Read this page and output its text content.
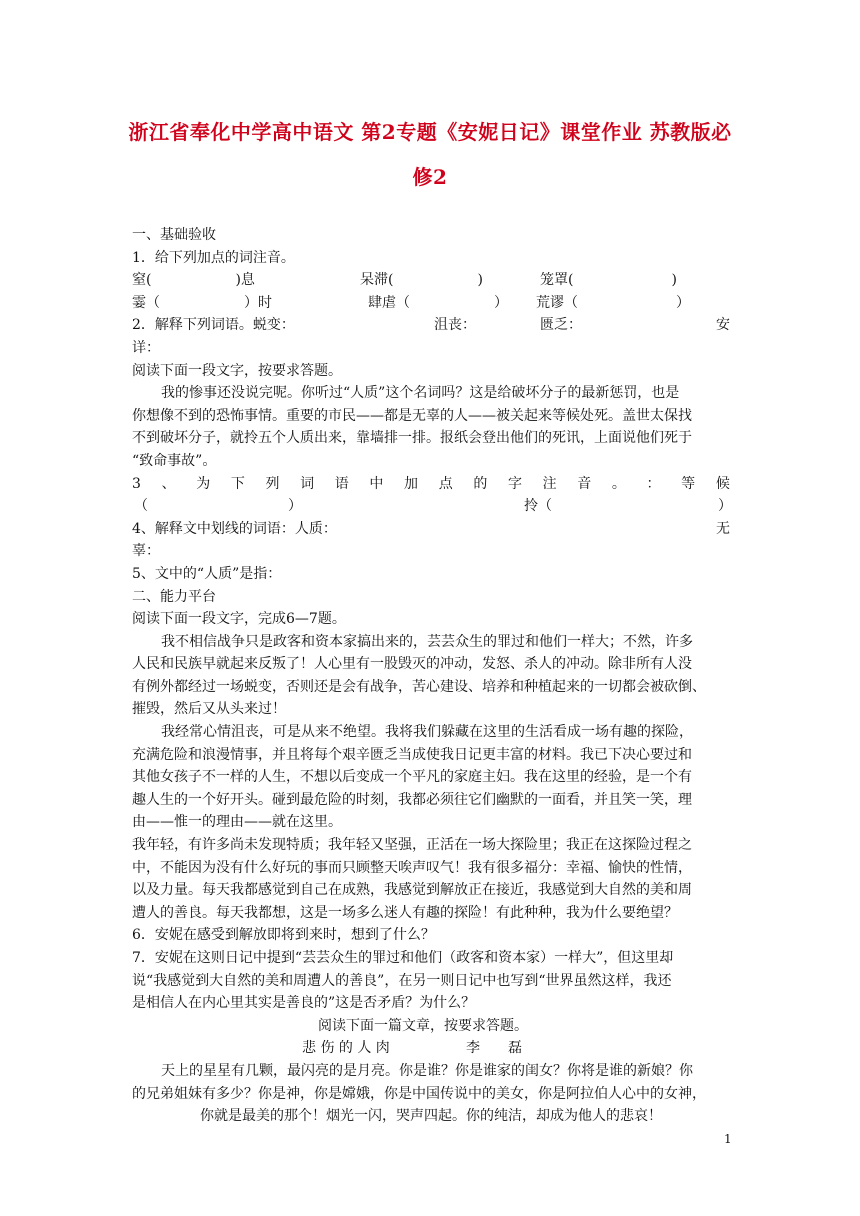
浙江省奉化中学高中语文 第2专题《安妮日记》课堂作业 苏教版必
修2
一、基础验收
1．给下列加点的词注音。
窒(　　　　　　)息	呆滞(　　　　　　)	笼罩(　　　　　　　)
霎（　　　　　　）时	肆虐（　　　　　　） 荒谬（　　　　　　　）
2．解释下列词语。蜕变：	沮丧：	匮乏：	安
详：
阅读下面一段文字，按要求答题。
我的惨事还没说完呢。你听过“人质”这个名词吗？这是给破坏分子的最新惩罚，也是
你想像不到的恐怖事情。重要的市民——都是无辜的人——被关起来等候处死。盖世太保找
不到破坏分子，就拎五个人质出来，靠墙排一排。报纸会登出他们的死讯，上面说他们死于
“致命事故”。
3 、 为 下 列 词 语 中 加 点 的 字 注 音 。 ： 等 候
（	）	拎（	）
4、解释文中划线的词语：人质：	无
辜：
5、文中的“人质”是指：
二、能力平台
阅读下面一段文字，完成6—7题。
我不相信战争只是政客和资本家搞出来的，芸芸众生的罪过和他们一样大；不然，许多
人民和民族早就起来反叛了！人心里有一股毁灭的冲动，发怒、杀人的冲动。除非所有人没
有例外都经过一场蜕变，否则还是会有战争，苦心建设、培养和种植起来的一切都会被砍倒、
摧毁，然后又从头来过！
我经常心情沮丧，可是从来不绝望。我将我们躲藏在这里的生活看成一场有趣的探险，
充满危险和浪漫情事，并且将每个艰辛匮乏当成使我日记更丰富的材料。我已下决心要过和
其他女孩子不一样的人生，不想以后变成一个平凡的家庭主妇。我在这里的经验，是一个有
趣人生的一个好开头。碰到最危险的时刻，我都必须往它们幽默的一面看，并且笑一笑，理
由——惟一的理由——就在这里。
我年轻，有许多尚未发现特质；我年轻又坚强，正活在一场大探险里；我正在这探险过程之
中，不能因为没有什么好玩的事而只顾整天唉声叹气！我有很多福分：幸福、愉快的性情，
以及力量。每天我都感觉到自己在成熟，我感觉到解放正在接近，我感觉到大自然的美和周
遭人的善良。每天我都想，这是一场多么迷人有趣的探险！有此种种，我为什么要绝望？
6．安妮在感受到解放即将到来时，想到了什么？
7．安妮在这则日记中提到“芸芸众生的罪过和他们（政客和资本家）一样大”，但这里却
说“我感觉到大自然的美和周遭人的善良”，在另一则日记中也写到“世界虽然这样，我还
是相信人在内心里其实是善良的”这是否矛盾？为什么？
阅读下面一篇文章，按要求答题。
悲 伤 的 人 肉	李　　磊
天上的星星有几颗，最闪亮的是月亮。你是谁？你是谁家的闺女？你将是谁的新娘？你
的兄弟姐妹有多少？你是神，你是嫦娥，你是中国传说中的美女，你是阿拉伯人心中的女神，
你就是最美的那个！烟光一闪，哭声四起。你的纯洁，却成为他人的悲哀！
1
